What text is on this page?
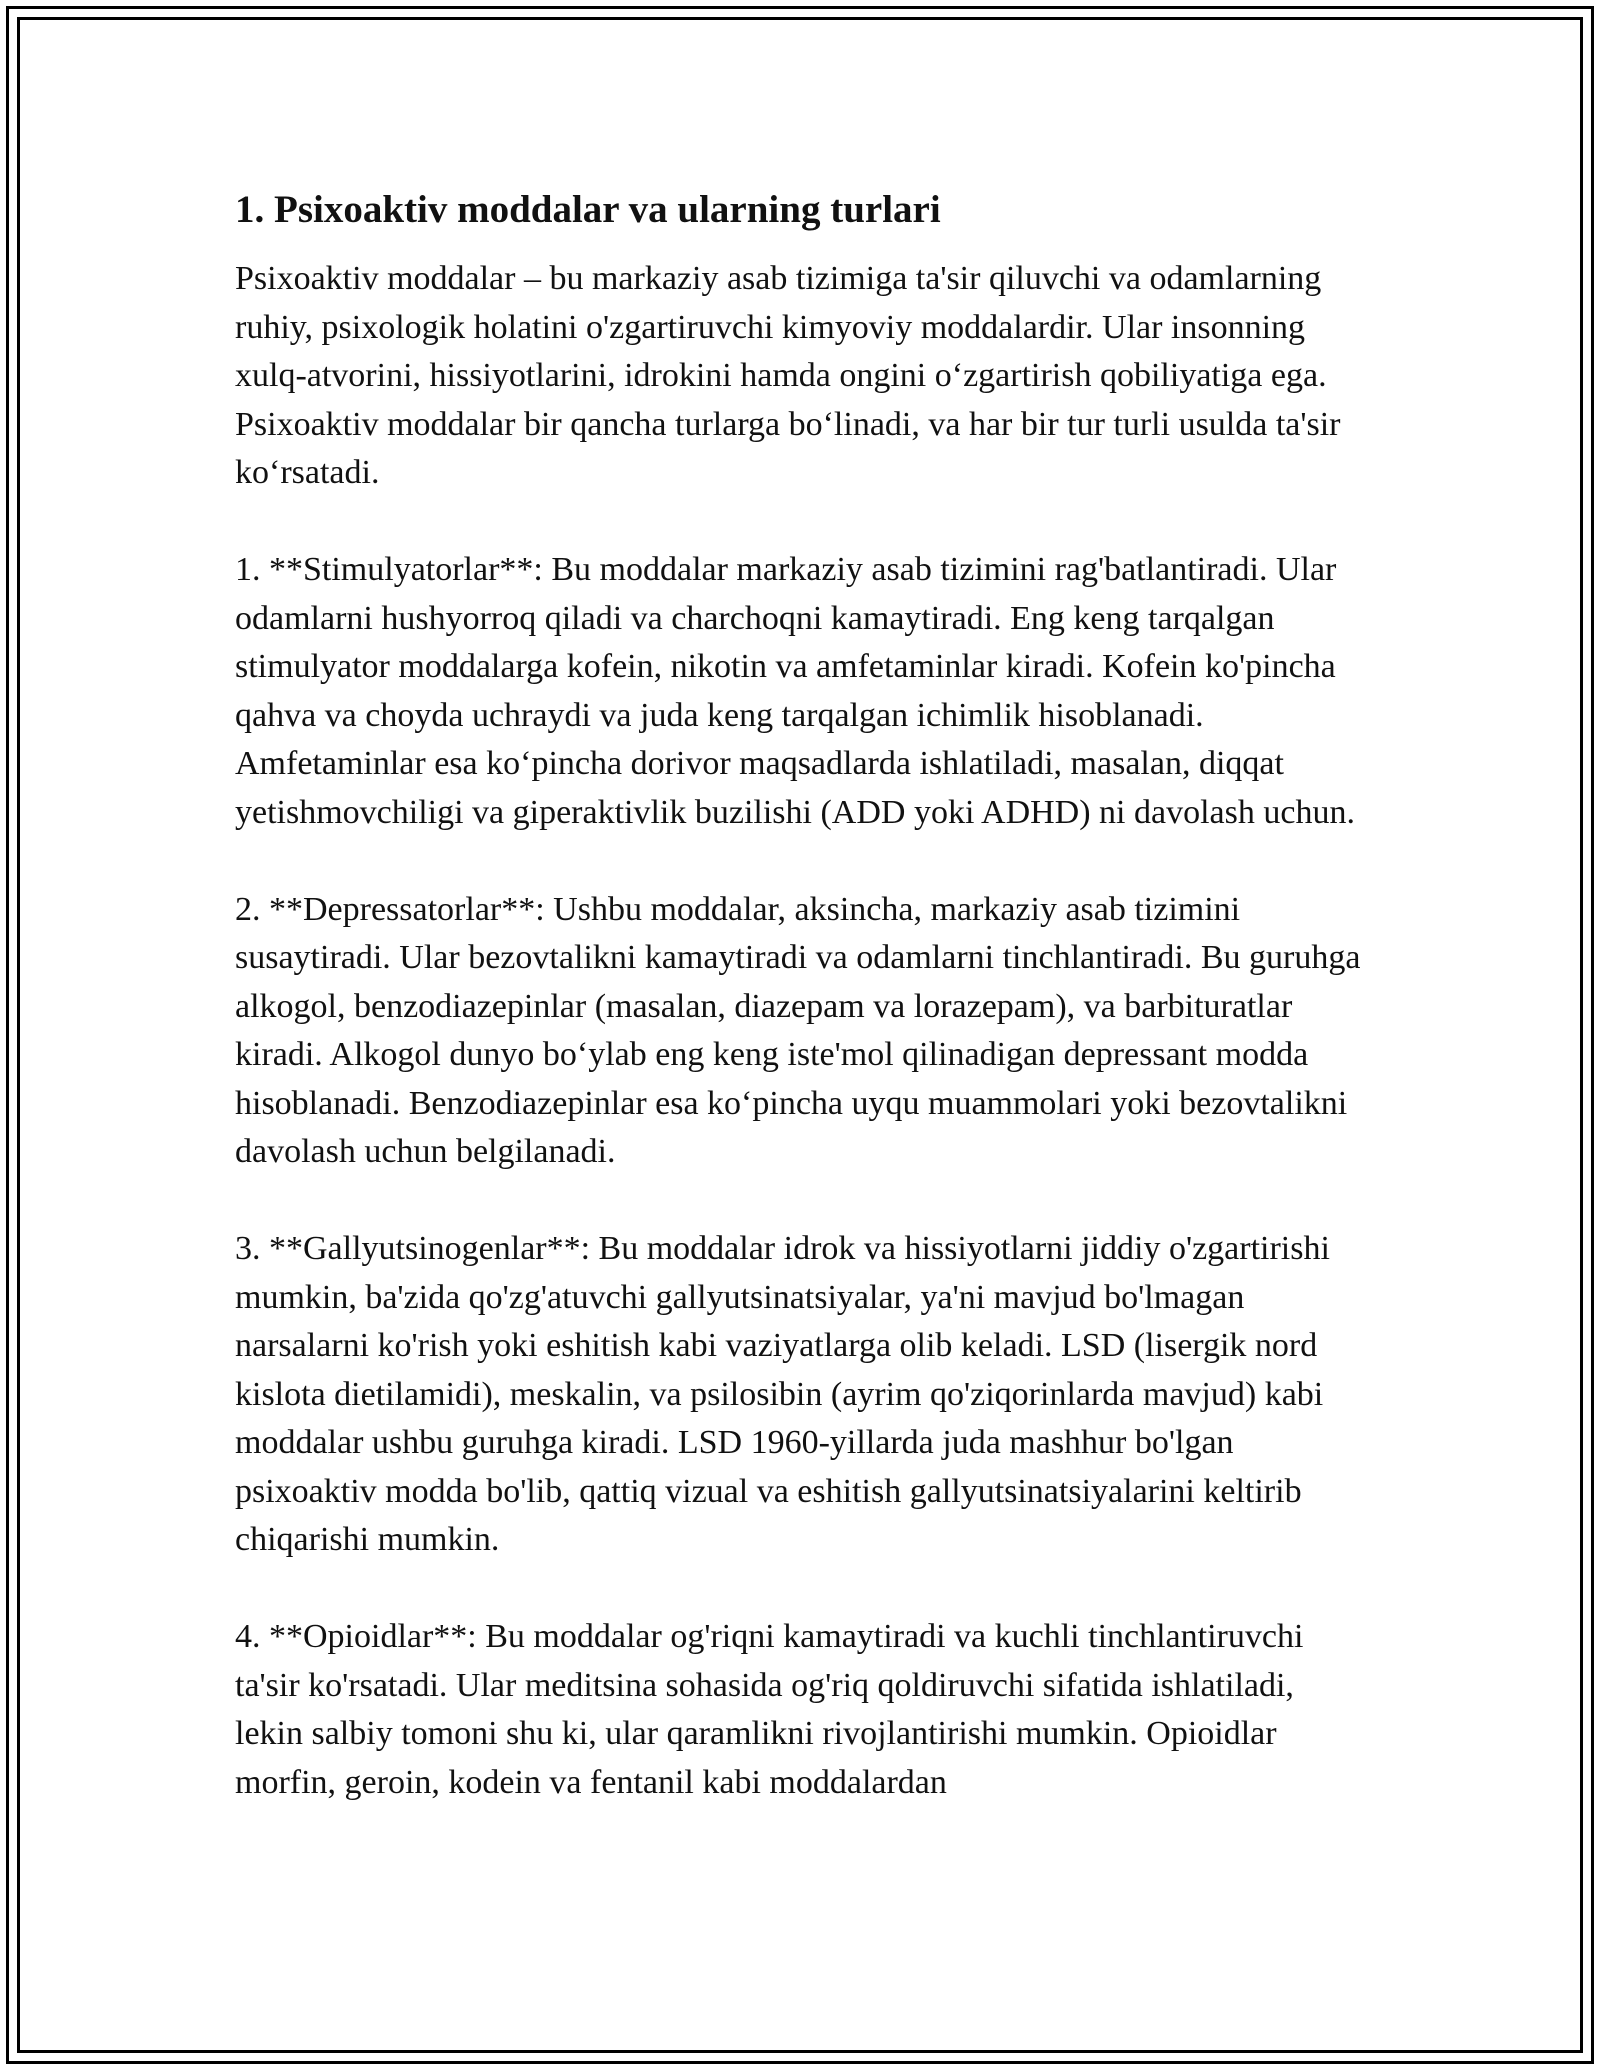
1. Psixoaktiv moddalar va ularning turlari

Psixoaktiv moddalar – bu markaziy asab tizimiga ta'sir qiluvchi va odamlarning ruhiy, psixologik holatini o'zgartiruvchi kimyoviy moddalardir. Ular insonning xulq-atvorini, hissiyotlarini, idrokini hamda ongini oʻzgartirish qobiliyatiga ega. Psixoaktiv moddalar bir qancha turlarga boʻlinadi, va har bir tur turli usulda ta'sir koʻrsatadi.

1. **Stimulyatorlar**: Bu moddalar markaziy asab tizimini rag'batlantiradi. Ular odamlarni hushyorroq qiladi va charchoqni kamaytiradi. Eng keng tarqalgan stimulyator moddalarga kofein, nikotin va amfetaminlar kiradi. Kofein ko'pincha qahva va choyda uchraydi va juda keng tarqalgan ichimlik hisoblanadi. Amfetaminlar esa koʻpincha dorivor maqsadlarda ishlatiladi, masalan, diqqat yetishmovchiligi va giperaktivlik buzilishi (ADD yoki ADHD) ni davolash uchun.

2. **Depressatorlar**: Ushbu moddalar, aksincha, markaziy asab tizimini susaytiradi. Ular bezovtalikni kamaytiradi va odamlarni tinchlantiradi. Bu guruhga alkogol, benzodiazepinlar (masalan, diazepam va lorazepam), va barbituratlar kiradi. Alkogol dunyo boʻylab eng keng iste'mol qilinadigan depressant modda hisoblanadi. Benzodiazepinlar esa koʻpincha uyqu muammolari yoki bezovtalikni davolash uchun belgilanadi.

3. **Gallyutsinogenlar**: Bu moddalar idrok va hissiyotlarni jiddiy o'zgartirishi mumkin, ba'zida qo'zg'atuvchi gallyutsinatsiyalar, ya'ni mavjud bo'lmagan narsalarni ko'rish yoki eshitish kabi vaziyatlarga olib keladi. LSD (lisergik nord kislota dietilamidi), meskalin, va psilosibin (ayrim qo'ziqorinlarda mavjud) kabi moddalar ushbu guruhga kiradi. LSD 1960-yillarda juda mashhur bo'lgan psixoaktiv modda bo'lib, qattiq vizual va eshitish gallyutsinatsiyalarini keltirib chiqarishi mumkin.

4. **Opioidlar**: Bu moddalar og'riqni kamaytiradi va kuchli tinchlantiruvchi ta'sir ko'rsatadi. Ular meditsina sohasida og'riq qoldiruvchi sifatida ishlatiladi, lekin salbiy tomoni shu ki, ular qaramlikni rivojlantirishi mumkin. Opioidlar morfin, geroin, kodein va fentanil kabi moddalardan
